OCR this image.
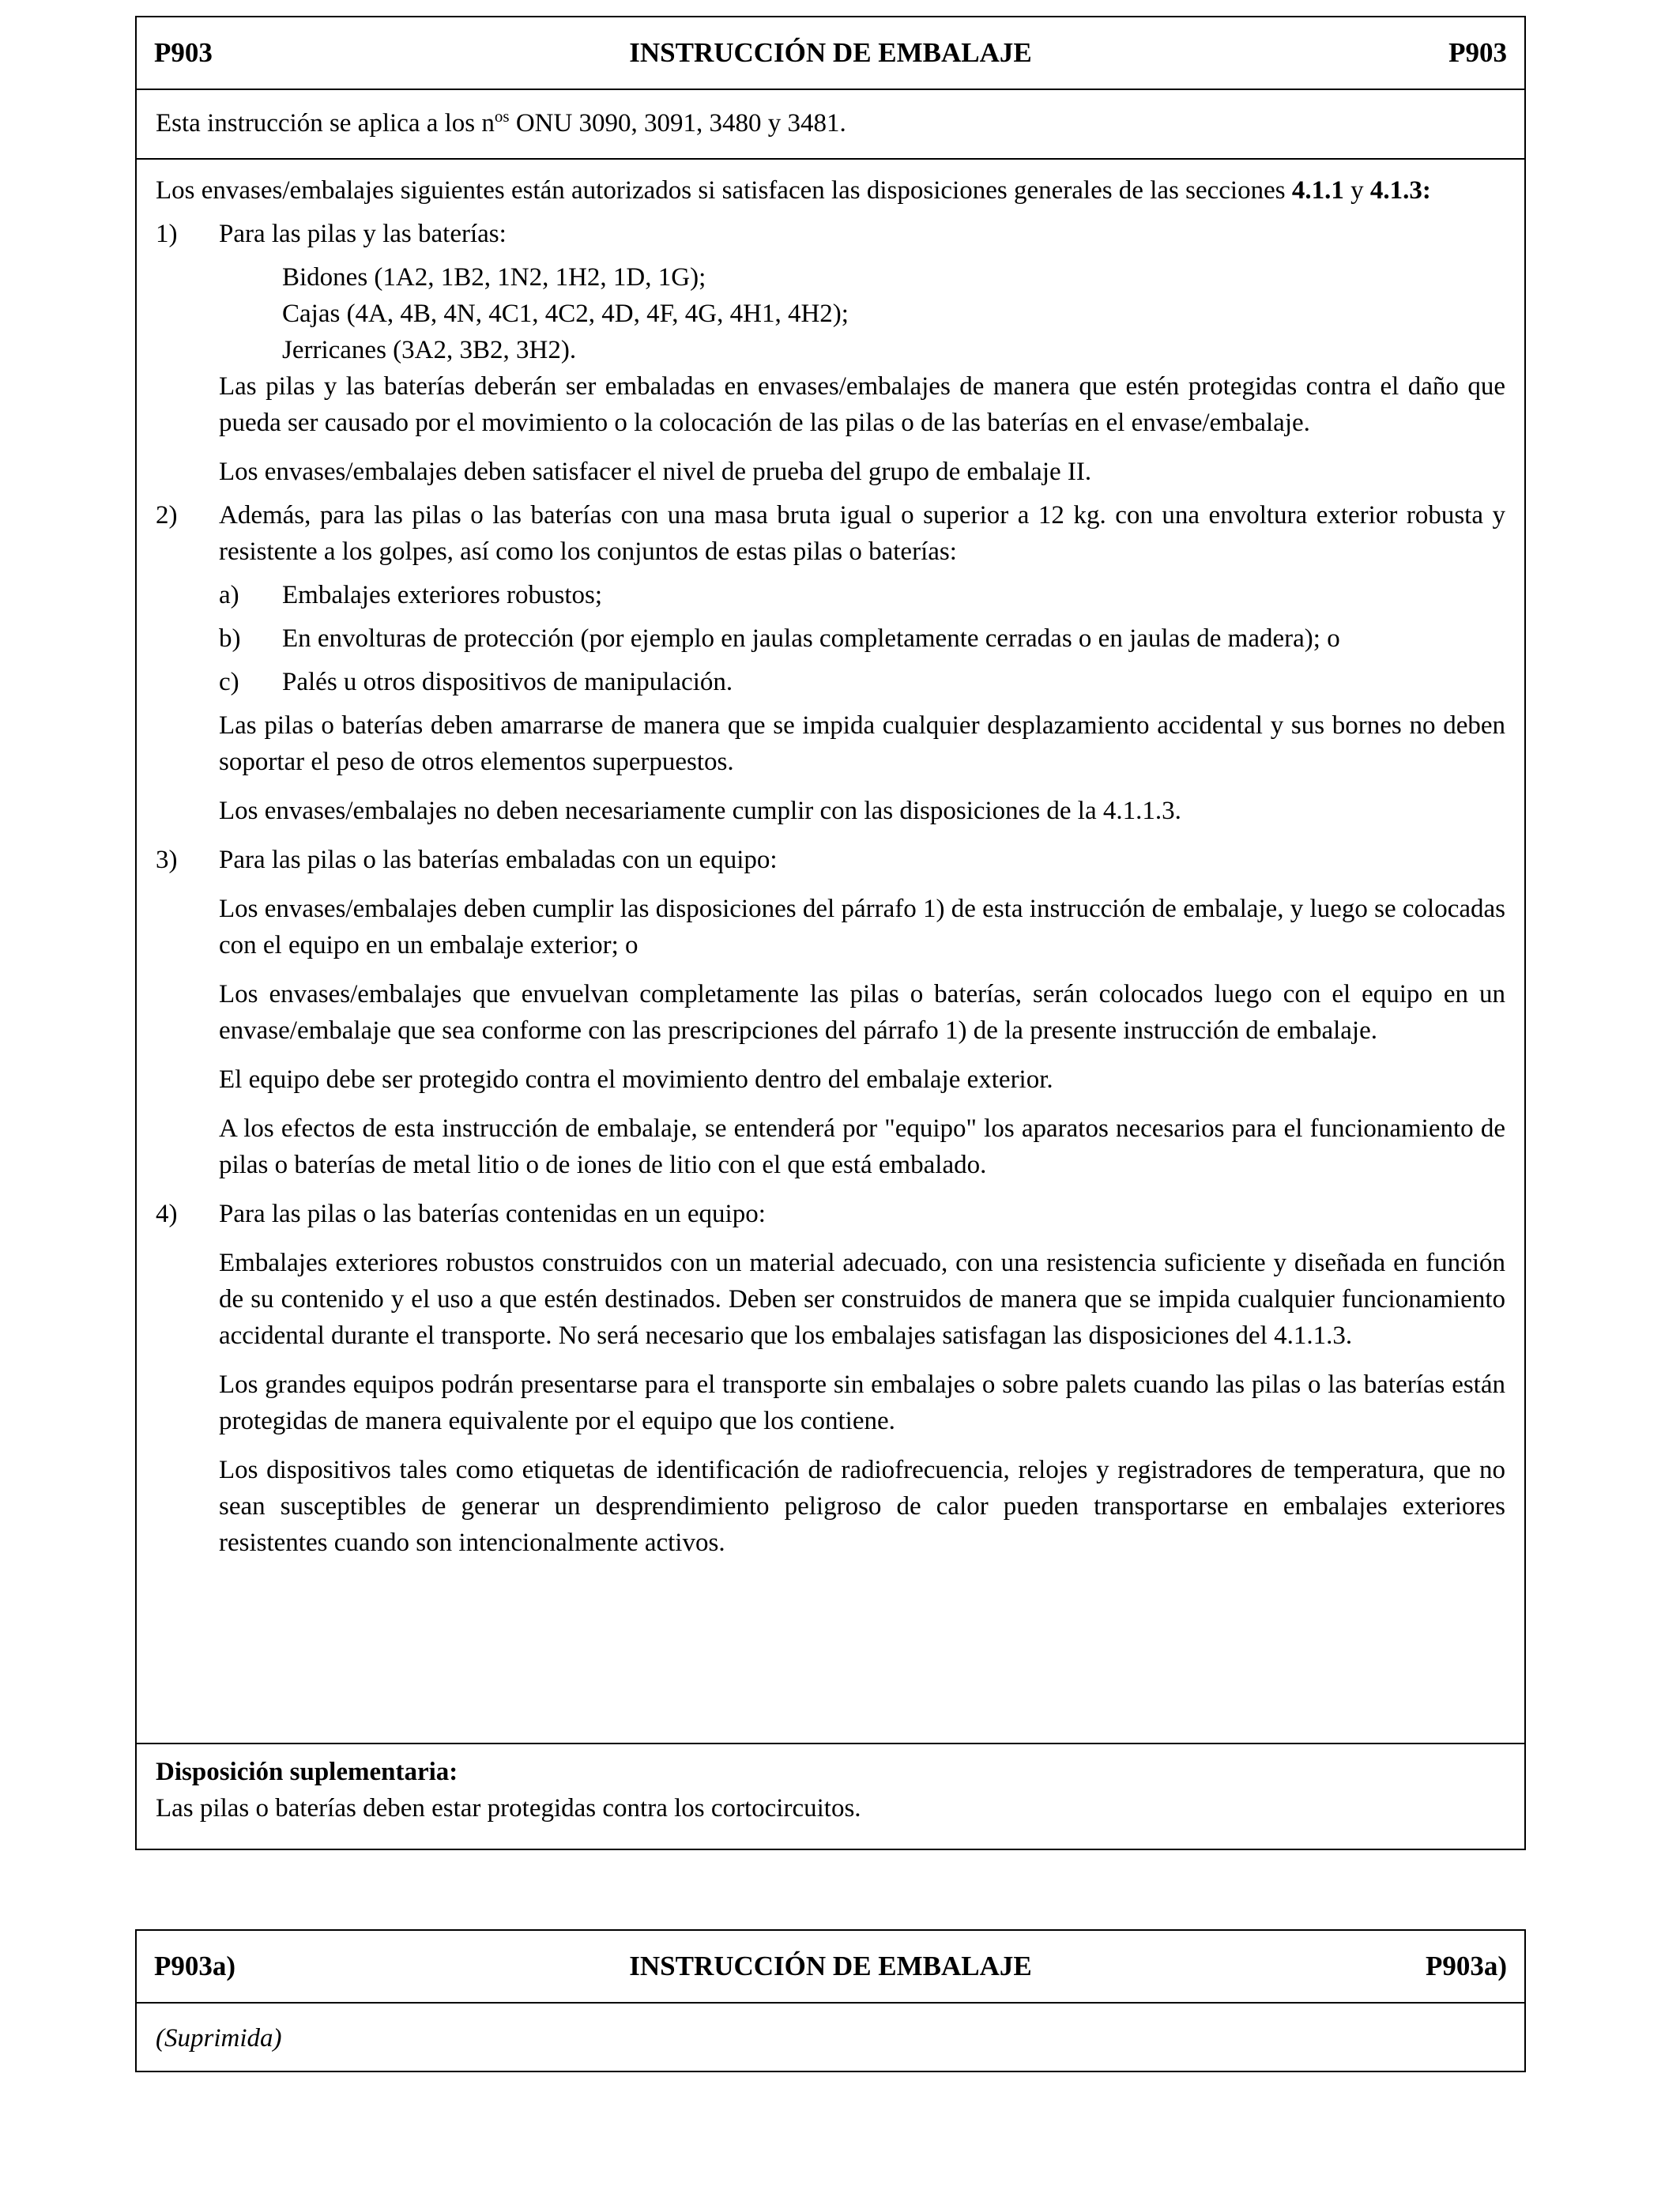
P903	INSTRUCCIÓN DE EMBALAJE	P903

Esta instrucción se aplica a los $n^{os}$ ONU 3090, 3091, 3480 y 3481.

Los envases/embalajes siguientes están autorizados si satisfacen las disposiciones generales de las secciones 4.1.1 y 4.1.3:

1) Para las pilas y las baterías:

Bidones (1A2, 1B2, 1N2, 1H2, 1D, 1G);

Cajas (4A, 4B, 4N, 4C1, 4C2, 4D, 4F, 4G, 4H1, 4H2);

Jerricanes (3A2, 3B2, 3H2).

Las pilas y las baterías deberán ser embaladas en envases/embalajes de manera que estén protegidas contra el daño que pueda ser causado por el movimiento o la colocación de las pilas o de las baterías en el envase/embalaje.

Los envases/embalajes deben satisfacer el nivel de prueba del grupo de embalaje II.

2) Además, para las pilas o las baterías con una masa bruta igual o superior a 12 kg. con una envoltura exterior robusta y resistente a los golpes, así como los conjuntos de estas pilas o baterías:

a) Embalajes exteriores robustos;

b) En envolturas de protección (por ejemplo en jaulas completamente cerradas o en jaulas de madera); o

c) Palés u otros dispositivos de manipulación.

Las pilas o baterías deben amarrarse de manera que se impida cualquier desplazamiento accidental y sus bornes no deben soportar el peso de otros elementos superpuestos.

Los envases/embalajes no deben necesariamente cumplir con las disposiciones de la 4.1.1.3.

3) Para las pilas o las baterías embaladas con un equipo:

Los envases/embalajes deben cumplir las disposiciones del párrafo 1) de esta instrucción de embalaje, y luego se colocadas con el equipo en un embalaje exterior; o

Los envases/embalajes que envuelvan completamente las pilas o baterías, serán colocados luego con el equipo en un envase/embalaje que sea conforme con las prescripciones del párrafo 1) de la presente instrucción de embalaje.

El equipo debe ser protegido contra el movimiento dentro del embalaje exterior.

A los efectos de esta instrucción de embalaje, se entenderá por "equipo" los aparatos necesarios para el funcionamiento de pilas o baterías de metal litio o de iones de litio con el que está embalado.

4) Para las pilas o las baterías contenidas en un equipo:

Embalajes exteriores robustos construidos con un material adecuado, con una resistencia suficiente y diseñada en función de su contenido y el uso a que estén destinados. Deben ser construidos de manera que se impida cualquier funcionamiento accidental durante el transporte. No será necesario que los embalajes satisfagan las disposiciones del 4.1.1.3.

Los grandes equipos podrán presentarse para el transporte sin embalajes o sobre palets cuando las pilas o las baterías están protegidas de manera equivalente por el equipo que los contiene.

Los dispositivos tales como etiquetas de identificación de radiofrecuencia, relojes y registradores de temperatura, que no sean susceptibles de generar un desprendimiento peligroso de calor pueden transportarse en embalajes exteriores resistentes cuando son intencionalmente activos.

Disposición suplementaria:

Las pilas o baterías deben estar protegidas contra los cortocircuitos.

P903a)	INSTRUCCIÓN DE EMBALAJE	P903a)

(Suprimida)
